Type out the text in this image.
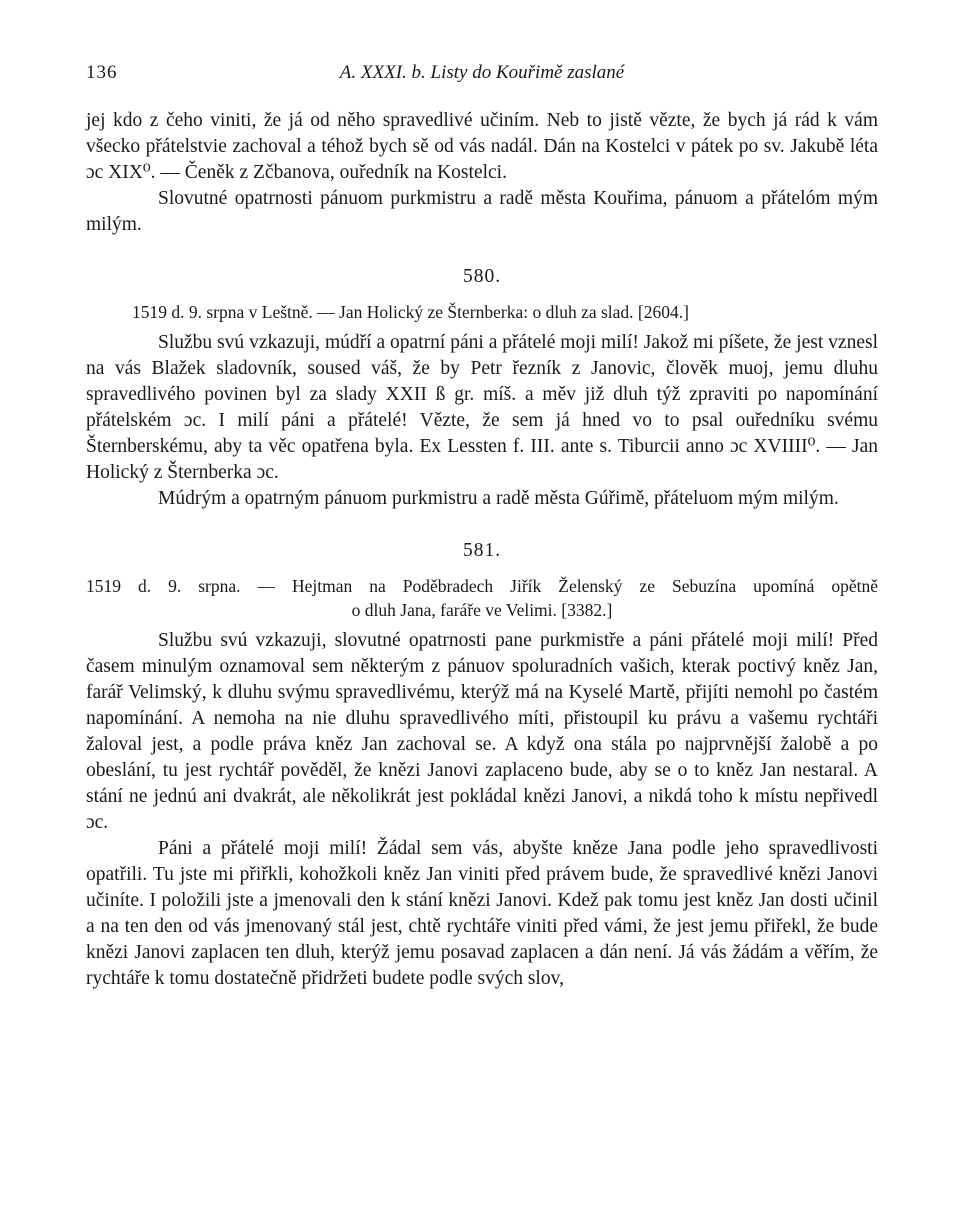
136	A. XXXI. b. Listy do Kouřimě zaslané

jej kdo z čeho viniti, že já od něho spravedlivé učiním. Neb to jistě vězte, že bych já rád k vám všecko přátelstvie zachoval a téhož bych sě od vás nadál. Dán na Kostelci v pátek po sv. Jakubě léta ɔc XIX⁰. — Čeněk z Zčbanova, ouředník na Kostelci.

Slovutné opatrnosti pánuom purkmistru a radě města Kouřima, pánuom a přátelóm mým milým.

580.

1519 d. 9. srpna v Leštně. — Jan Holický ze Šternberka: o dluh za slad. [2604.]

Službu svú vzkazuji, múdří a opatrní páni a přátelé moji milí! Jakož mi píšete, že jest vznesl na vás Blažek sladovník, soused váš, že by Petr řezník z Janovic, člověk muoj, jemu dluhu spravedlivého povinen byl za slady XXII ß gr. míš. a měv již dluh týž zpraviti po napomínání přátelském ɔc. I milí páni a přátelé! Vězte, že sem já hned vo to psal ouředníku svému Šternberskému, aby ta věc opatřena byla. Ex Lessten f. III. ante s. Tiburcii anno ɔc XVIIII⁰. — Jan Holický z Šternberka ɔc.

Múdrým a opatrným pánuom purkmistru a radě města Gúřimě, přáteluom mým milým.

581.

1519 d. 9. srpna. — Hejtman na Poděbradech Jiřík Želenský ze Sebuzína upomíná opětně
o dluh Jana, faráře ve Velimi. [3382.]

Službu svú vzkazuji, slovutné opatrnosti pane purkmistře a páni přátelé moji milí! Před časem minulým oznamoval sem některým z pánuov spoluradních vašich, kterak poctivý kněz Jan, farář Velimský, k dluhu svýmu spravedlivému, kterýž má na Kyselé Martě, přijíti nemohl po častém napomínání. A nemoha na nie dluhu spravedlivého míti, přistoupil ku právu a vašemu rychtáři žaloval jest, a podle práva kněz Jan zachoval se. A když ona stála po najprvnější žalobě a po obeslání, tu jest rychtář pověděl, že knězi Janovi zaplaceno bude, aby se o to kněz Jan nestaral. A stání ne jednú ani dvakrát, ale několikrát jest pokládal knězi Janovi, a nikdá toho k místu nepřivedl ɔc.

Páni a přátelé moji milí! Žádal sem vás, abyšte kněze Jana podle jeho spravedlivosti opatřili. Tu jste mi přiřkli, kohožkoli kněz Jan viniti před právem bude, že spravedlivé knězi Janovi učiníte. I položili jste a jmenovali den k stání knězi Janovi. Kdež pak tomu jest kněz Jan dosti učinil a na ten den od vás jmenovaný stál jest, chtě rychtáře viniti před vámi, že jest jemu přiřekl, že bude knězi Janovi zaplacen ten dluh, kterýž jemu posavad zaplacen a dán není. Já vás žádám a věřím, že rychtáře k tomu dostatečně přidržeti budete podle svých slov,
